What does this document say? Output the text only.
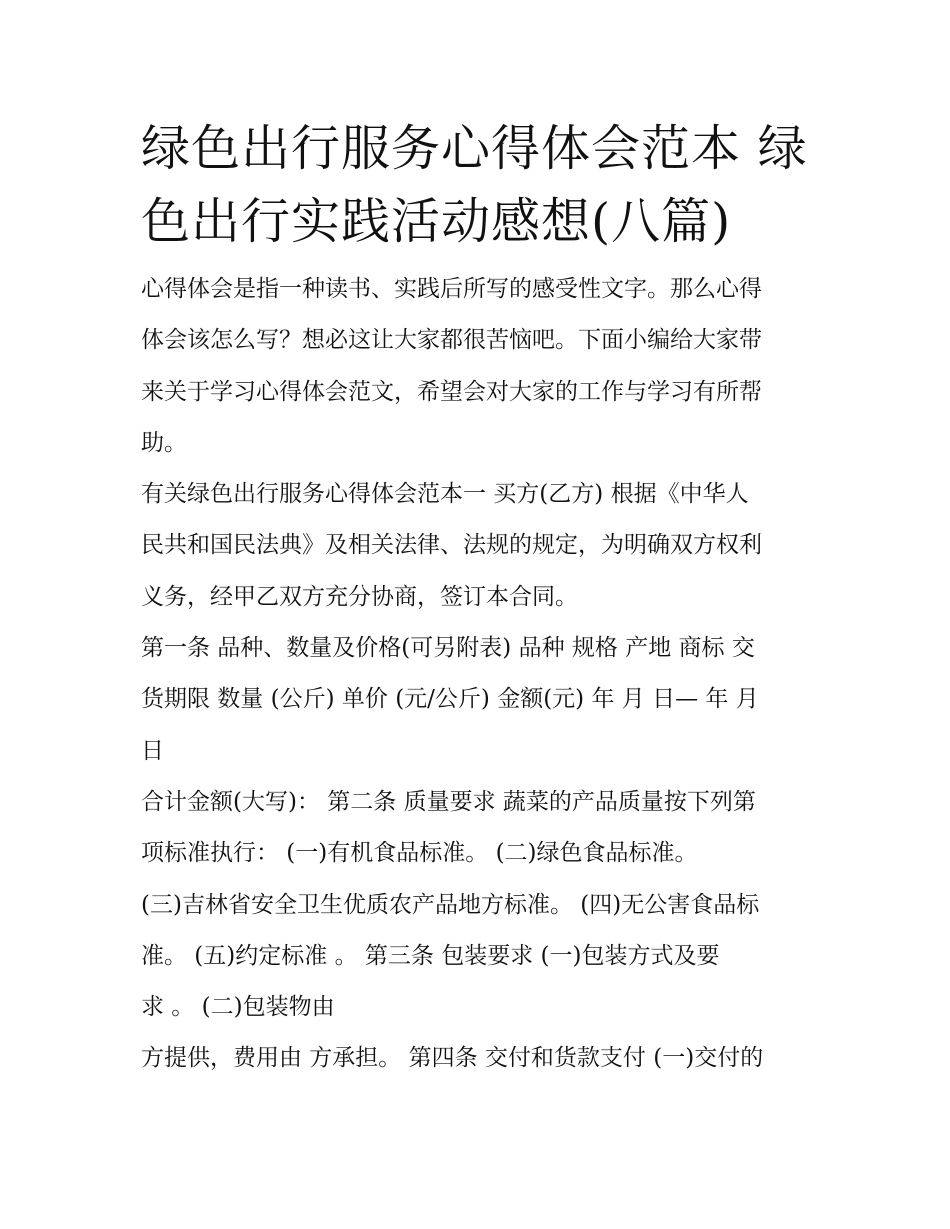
绿色出行服务心得体会范本 绿
色出行实践活动感想(八篇)
心得体会是指一种读书、实践后所写的感受性文字。那么心得
体会该怎么写？想必这让大家都很苦恼吧。下面小编给大家带
来关于学习心得体会范文，希望会对大家的工作与学习有所帮
助。
有关绿色出行服务心得体会范本一 买方(乙方) 根据《中华人
民共和国民法典》及相关法律、法规的规定，为明确双方权利
义务，经甲乙双方充分协商，签订本合同。
第一条 品种、数量及价格(可另附表) 品种 规格 产地 商标 交
货期限 数量 (公斤) 单价 (元/公斤) 金额(元) 年 月 日— 年 月
日
合计金额(大写)： 第二条 质量要求 蔬菜的产品质量按下列第
项标准执行： (一)有机食品标准。 (二)绿色食品标准。
(三)吉林省安全卫生优质农产品地方标准。 (四)无公害食品标
准。 (五)约定标准 。 第三条 包装要求 (一)包装方式及要
求 。 (二)包装物由
方提供，费用由 方承担。 第四条 交付和货款支付 (一)交付的
